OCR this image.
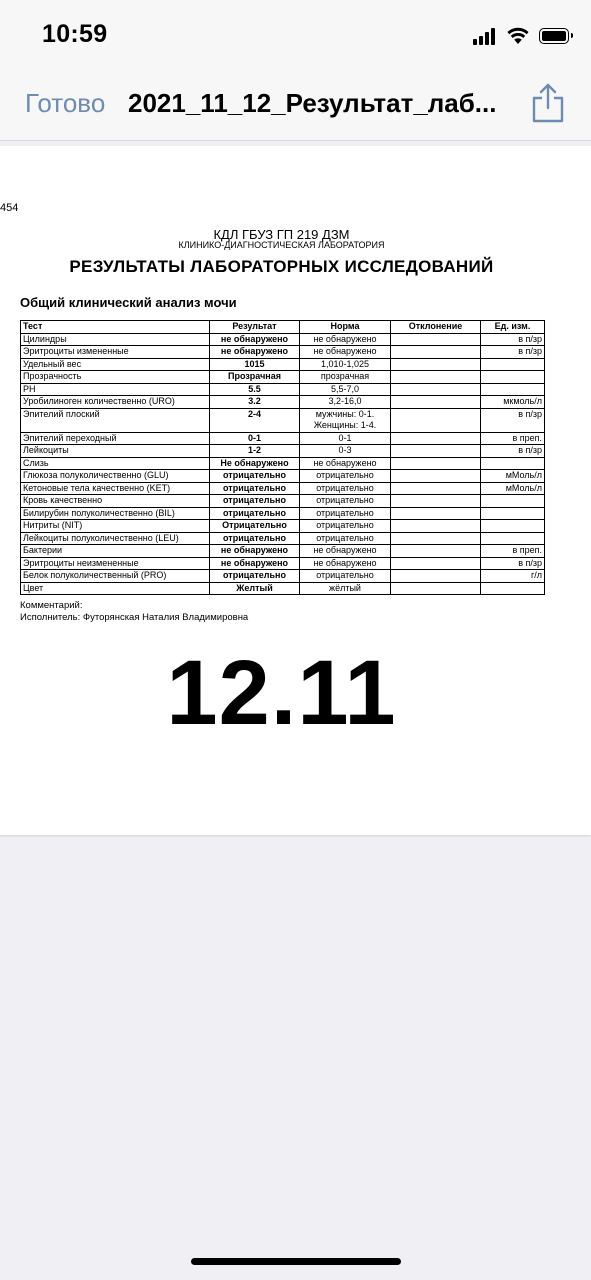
10:59
Готово 2021_11_12_Результат_лаб...
454
КДЛ ГБУЗ ГП 219 ДЗМ
КЛИНИКО-ДИАГНОСТИЧЕСКАЯ ЛАБОРАТОРИЯ
РЕЗУЛЬТАТЫ ЛАБОРАТОРНЫХ ИССЛЕДОВАНИЙ
Общий клинический анализ мочи
Тест	Результат	Норма	Отклонение	Ед. изм.
Цилиндры	не обнаружено	не обнаружено		в п/зр
Эритроциты измененные	не обнаружено	не обнаружено		в п/зр
Удельный вес	1015	1,010-1,025		
Прозрачность	Прозрачная	прозрачная		
PH	5.5	5,5-7,0		
Уробилиноген количественно (URO)	3.2	3,2-16,0		мкмоль/л
Эпителий плоский	2-4	мужчины: 0-1.
Женщины: 1-4.		в п/зр
Эпителий переходный	0-1	0-1		в преп.
Лейкоциты	1-2	0-3		в п/зр
Слизь	Не обнаружено	не обнаружено		
Глюкоза полуколичественно (GLU)	отрицательно	отрицательно		мМоль/л
Кетоновые тела качественно (KET)	отрицательно	отрицательно		мМоль/л
Кровь качественно	отрицательно	отрицательно		
Билирубин полуколичественно (BIL)	отрицательно	отрицательно		
Нитриты (NIT)	Отрицательно	отрицательно		
Лейкоциты полуколичественно (LEU)	отрицательно	отрицательно		
Бактерии	не обнаружено	не обнаружено		в преп.
Эритроциты неизмененные	не обнаружено	не обнаружено		в п/зр
Белок полуколичественный (PRO)	отрицательно	отрицательно		г/л
Цвет	Желтый	жёлтый		
Комментарий:
Исполнитель: Футорянская Наталия Владимировна
12.11
